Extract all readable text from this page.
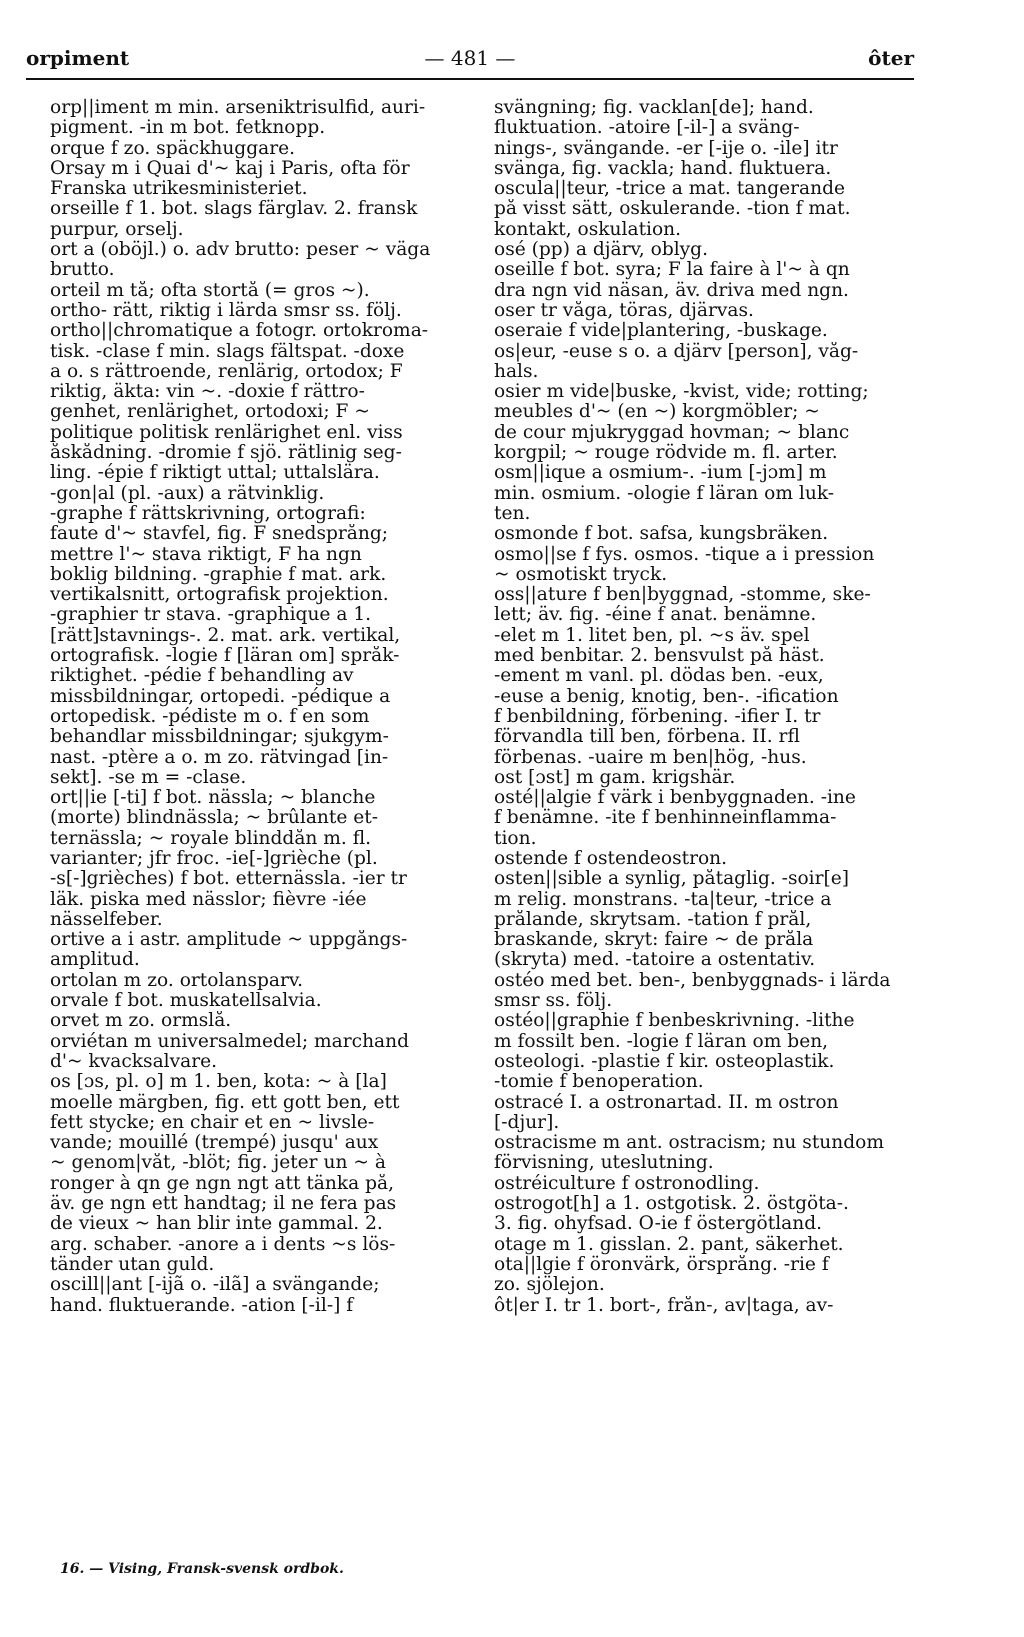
orpiment	— 481 —	ôter
orp||iment m min. arseniktrisulfid, auri-
pigment. -in m bot. fetknopp.
orque f zo. späckhuggare.
Orsay m i Quai d'~ kaj i Paris, ofta för
Franska utrikesministeriet.
orseille f 1. bot. slags färglav. 2. fransk
purpur, orselj.
ort a (oböjl.) o. adv brutto: peser ~ väga
brutto.
orteil m tå; ofta stortå (= gros ~).
ortho- rätt, riktig i lärda smsr ss. följ.
ortho||chromatique a fotogr. ortokroma-
tisk. -clase f min. slags fältspat. -doxe
a o. s rättroende, renlärig, ortodox; F
riktig, äkta: vin ~. -doxie f rättro-
genhet, renlärighet, ortodoxi; F ~
politique politisk renlärighet enl. viss
åskådning. -dromie f sjö. rätlinig seg-
ling. -épie f riktigt uttal; uttalslära.
-gon|al (pl. -aux) a rätvinklig.
-graphe f rättskrivning, ortografi:
faute d'~ stavfel, fig. F snedsprång;
mettre l'~ stava riktigt, F ha ngn
boklig bildning. -graphie f mat. ark.
vertikalsnitt, ortografisk projektion.
-graphier tr stava. -graphique a 1.
[rätt]stavnings-. 2. mat. ark. vertikal,
ortografisk. -logie f [läran om] språk-
riktighet. -pédie f behandling av
missbildningar, ortopedi. -pédique a
ortopedisk. -pédiste m o. f en som
behandlar missbildningar; sjukgym-
nast. -ptère a o. m zo. rätvingad [in-
sekt]. -se m = -clase.
ort||ie [-ti] f bot. nässla; ~ blanche
(morte) blindnässla; ~ brûlante et-
ternässla; ~ royale blinddån m. fl.
varianter; jfr froc. -ie[-]grièche (pl.
-s[-]grièches) f bot. etternässla. -ier tr
läk. piska med nässlor; fièvre -iée
nässelfeber.
ortive a i astr. amplitude ~ uppgångs-
amplitud.
ortolan m zo. ortolansparv.
orvale f bot. muskatellsalvia.
orvet m zo. ormslå.
orviétan m universalmedel; marchand
d'~ kvacksalvare.
os [ɔs, pl. o] m 1. ben, kota: ~ à [la]
moelle märgben, fig. ett gott ben, ett
fett stycke; en chair et en ~ livsle-
vande; mouillé (trempé) jusqu' aux
~ genom|våt, -blöt; fig. jeter un ~ à
ronger à qn ge ngn ngt att tänka på,
äv. ge ngn ett handtag; il ne fera pas
de vieux ~ han blir inte gammal. 2.
arg. schaber. -anore a i dents ~s lös-
tänder utan guld.
oscill||ant [-ijã o. -ilã] a svängande;
hand. fluktuerande. -ation [-il-] f
svängning; fig. vacklan[de]; hand.
fluktuation. -atoire [-il-] a sväng-
nings-, svängande. -er [-ije o. -ile] itr
svänga, fig. vackla; hand. fluktuera.
oscula||teur, -trice a mat. tangerande
på visst sätt, oskulerande. -tion f mat.
kontakt, oskulation.
osé (pp) a djärv, oblyg.
oseille f bot. syra; F la faire à l'~ à qn
dra ngn vid näsan, äv. driva med ngn.
oser tr våga, töras, djärvas.
oseraie f vide|plantering, -buskage.
os|eur, -euse s o. a djärv [person], våg-
hals.
osier m vide|buske, -kvist, vide; rotting;
meubles d'~ (en ~) korgmöbler; ~
de cour mjukryggad hovman; ~ blanc
korgpil; ~ rouge rödvide m. fl. arter.
osm||ique a osmium-. -ium [-jɔm] m
min. osmium. -ologie f läran om luk-
ten.
osmonde f bot. safsa, kungsbräken.
osmo||se f fys. osmos. -tique a i pression
~ osmotiskt tryck.
oss||ature f ben|byggnad, -stomme, ske-
lett; äv. fig. -éine f anat. benämne.
-elet m 1. litet ben, pl. ~s äv. spel
med benbitar. 2. bensvulst på häst.
-ement m vanl. pl. dödas ben. -eux,
-euse a benig, knotig, ben-. -ification
f benbildning, förbening. -ifier I. tr
förvandla till ben, förbena. II. rfl
förbenas. -uaire m ben|hög, -hus.
ost [ɔst] m gam. krigshär.
osté||algie f värk i benbyggnaden. -ine
f benämne. -ite f benhinneinflamma-
tion.
ostende f ostendeostron.
osten||sible a synlig, påtaglig. -soir[e]
m relig. monstrans. -ta|teur, -trice a
prålande, skrytsam. -tation f prål,
braskande, skryt: faire ~ de pråla
(skryta) med. -tatoire a ostentativ.
ostéo med bet. ben-, benbyggnads- i lärda
smsr ss. följ.
ostéo||graphie f benbeskrivning. -lithe
m fossilt ben. -logie f läran om ben,
osteologi. -plastie f kir. osteoplastik.
-tomie f benoperation.
ostracé I. a ostronartad. II. m ostron
[-djur].
ostracisme m ant. ostracism; nu stundom
förvisning, uteslutning.
ostréiculture f ostronodling.
ostrogot[h] a 1. ostgotisk. 2. östgöta-.
3. fig. ohyfsad. O-ie f östergötland.
otage m 1. gisslan. 2. pant, säkerhet.
ota||lgie f öronvärk, örsprång. -rie f
zo. sjölejon.
ôt|er I. tr 1. bort-, från-, av|taga, av-
16. — Vising, Fransk-svensk ordbok.
